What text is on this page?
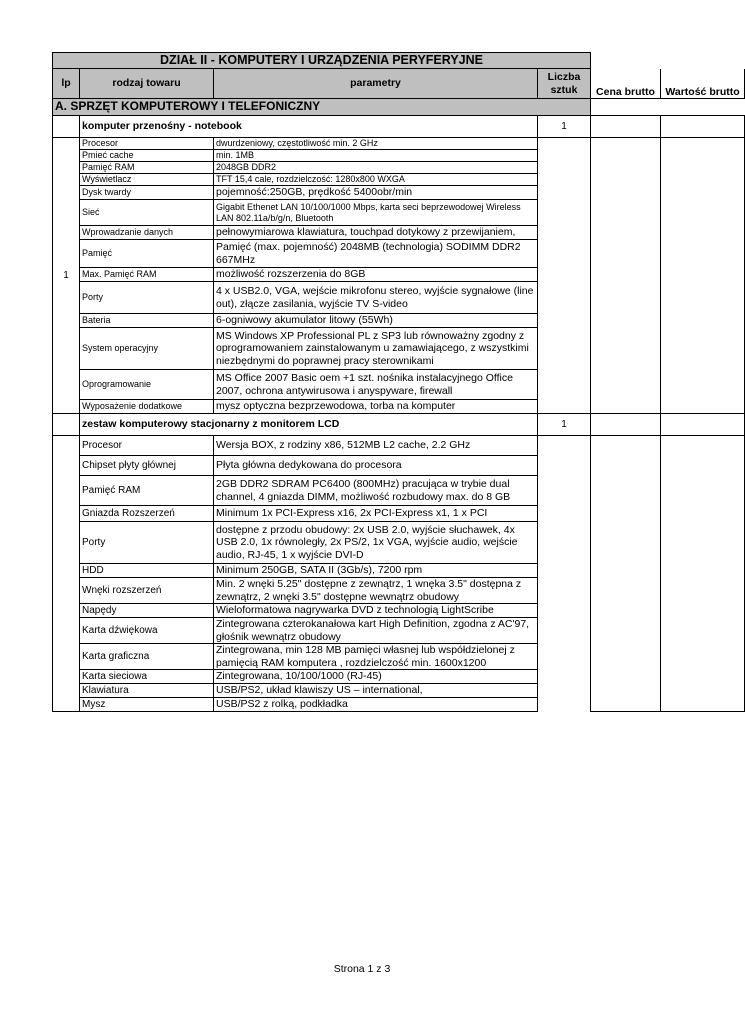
DZIAŁ II - KOMPUTERY I URZĄDZENIA PERYFERYJNE					
lp	rodzaj towaru	parametry	Liczba sztuk	Cena brutto	Wartość brutto
A. SPRZĘT KOMPUTEROWY I TELEFONICZNY					
	komputer przenośny - notebook		1		
1	Procesor	dwurdzeniowy, częstotliwość min. 2 GHz			
	Pmieć cache	min. 1MB			
	Pamięć RAM	2048GB DDR2			
	Wyświetlacz	TFT 15,4 cale, rozdzielczość: 1280x800 WXGA			
	Dysk twardy	pojemność:250GB, prędkość 5400obr/min			
	Sieć	Gigabit Ethenet LAN 10/100/1000 Mbps, karta seci beprzewodowej Wireless LAN 802.11a/b/g/n, Bluetooth			
	Wprowadzanie danych	pełnowymiarowa klawiatura, touchpad dotykowy z przewijaniem,			
	Pamięć	Pamięć (max. pojemność) 2048MB (technologia) SODIMM DDR2 667MHz			
	Max. Pamięć RAM	możliwość rozszerzenia do 8GB			
	Porty	4 x USB2.0, VGA, wejście mikrofonu stereo, wyjście sygnałowe (line out), złącze zasilania, wyjście TV S-video			
	Bateria	6-ogniwowy akumulator litowy (55Wh)			
	System operacyjny	MS Windows XP Professional PL z SP3 lub równoważny zgodny z oprogramowaniem zainstalowanym u zamawiającego, z wszystkimi niezbędnymi do poprawnej pracy sterownikami			
	Oprogramowanie	MS Office 2007 Basic oem +1 szt. nośnika instalacyjnego Office 2007, ochrona antywirusowa i anyspyware, firewall			
	Wyposażenie dodatkowe	mysz optyczna bezprzewodowa, torba na komputer			
	zestaw komputerowy stacjonarny z monitorem LCD		1		
	Procesor	Wersja BOX, z rodziny x86, 512MB L2 cache, 2.2 GHz			
	Chipset płyty głównej	Płyta główna dedykowana do procesora			
	Pamięć RAM	2GB DDR2 SDRAM PC6400 (800MHz) pracująca w trybie dual channel, 4 gniazda DIMM, możliwość rozbudowy max. do 8 GB			
	Gniazda Rozszerzeń	Minimum 1x PCI-Express x16, 2x PCI-Express x1, 1 x PCI			
	Porty	dostępne z przodu obudowy: 2x USB 2.0, wyjście słuchawek, 4x USB 2.0, 1x równoległy, 2x PS/2, 1x VGA, wyjście audio, wejście audio, RJ-45, 1 x wyjście DVI-D			
	HDD	Minimum 250GB, SATA II (3Gb/s), 7200 rpm			
	Wnęki rozszerzeń	Min. 2 wnęki 5.25" dostępne z zewnątrz, 1 wnęka 3.5" dostępna z zewnątrz, 2 wnęki 3.5" dostępne wewnątrz obudowy			
	Napędy	Wieloformatowa nagrywarka DVD z technologią LightScribe			
	Karta dźwiękowa	Zintegrowana czterokanałowa kart High Definition, zgodna z AC'97, głośnik wewnątrz obudowy			
	Karta graficzna	Zintegrowana, min 128 MB pamięci własnej lub współdzielonej z pamięcią RAM komputera , rozdzielczość min. 1600x1200			
	Karta sieciowa	Zintegrowana, 10/100/1000 (RJ-45)			
	Klawiatura	USB/PS2, układ klawiszy US – international,			
	Mysz	USB/PS2 z rolką, podkładka			
Strona 1 z 3
